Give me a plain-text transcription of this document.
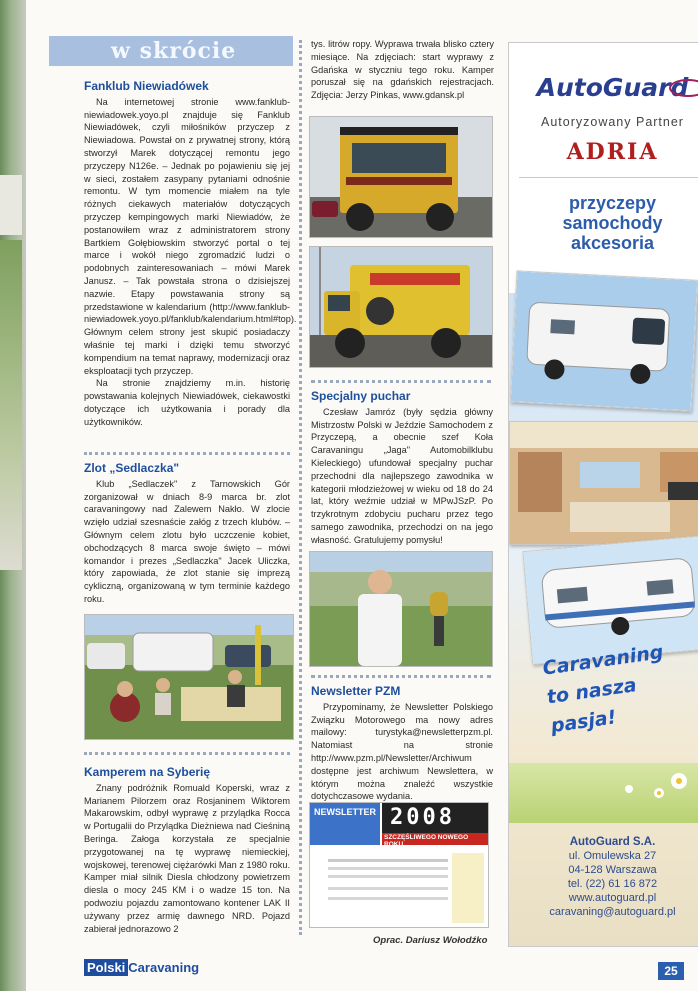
w skrócie
Fanklub Niewiadówek

Na internetowej stronie www.fanklub-niewiadowek.yoyo.pl znajduje się Fanklub Niewiadówek, czyli miłośników przyczep z Niewiadowa. Powstał on z prywatnej strony, którą stworzył Marek dotyczącej remontu jego przyczepy N126e. – Jednak po pojawieniu się jej w sieci, zostałem zasypany pytaniami odnośnie remontu. W tym momencie miałem na tyle różnych ciekawych materiałów dotyczących przyczep kempingowych marki Niewiadów, że postanowiłem wraz z administratorem strony Bartkiem Gołębiowskim stworzyć portal o tej marce i wokół niego zgromadzić ludzi o podobnych zainteresowaniach – mówi Marek Janusz. – Tak powstała strona o dzisiejszej nazwie. Etapy powstawania strony są przedstawione w kalendarium (http://www.fanklub-niewiadowek.yoyo.pl/fanklub/kalendarium.html#top). Głównym celem strony jest skupić posiadaczy właśnie tej marki i dzięki temu stworzyć kompendium na temat naprawy, modernizacji oraz eksploatacji tych przyczep.

Na stronie znajdziemy m.in. historię powstawania kolejnych Niewiadówek, ciekawostki dotyczące ich użytkowania i porady dla użytkowników.

Zlot „Sedlaczka"

Klub „Sedlaczek" z Tarnowskich Gór zorganizował w dniach 8-9 marca br. zlot caravaningowy nad Zalewem Nakło. W zlocie wzięło udział szesnaście załóg z trzech klubów. – Głównym celem zlotu było uczczenie kobiet, obchodzących 8 marca swoje święto – mówi komandor i prezes „Sedlaczka" Jacek Uliczka, który zapowiada, że zlot stanie się imprezą cykliczną, organizowaną w tym terminie każdego roku.

Kamperem na Syberię

Znany podróżnik Romuald Koperski, wraz z Marianem Pilorzem oraz Rosjaninem Wiktorem Makarowskim, odbył wyprawę z przylądka Rocca w Portugalii do Przylądka Dieżniewa nad Cieśniną Beringa. Załoga korzystała ze specjalnie przygotowanej na tę wyprawę niemieckiej, wojskowej, terenowej ciężarówki Man z 1980 roku. Kamper miał silnik Diesla chłodzony powietrzem diesla o mocy 245 KM i o wadze 15 ton. Na podwoziu pojazdu zamontowano kontener LAK II używany przez armię dawnego NRD. Pojazd zabierał jednorazowo 2

tys. litrów ropy. Wyprawa trwała blisko cztery miesiące. Na zdjęciach: start wyprawy z Gdańska w styczniu tego roku. Kamper poruszał się na gdańskich rejestracjach. Zdjęcia: Jerzy Pinkas, www.gdansk.pl

Specjalny puchar

Czesław Jamróz (były sędzia główny Mistrzostw Polski w Jeździe Samochodem z Przyczepą, a obecnie szef Koła Caravaningu „Jaga" Automobilklubu Kieleckiego) ufundował specjalny puchar przechodni dla najlepszego zawodnika w kategorii młodzieżowej w wieku od 18 do 24 lat, który weźmie udział w MPwJSzP. Po trzykrotnym zdobyciu pucharu przez tego samego zawodnika, przechodzi on na jego własność. Gratulujemy pomysłu!

Newsletter PZM

Przypominamy, że Newsletter Polskiego Związku Motorowego ma nowy adres mailowy: turystyka@newsletterpzm.pl. Natomiast na stronie http://www.pzm.pl/Newsletter/Archiwum dostępne jest archiwum Newslettera, w którym można znaleźć wszystkie dotychczasowe wydania.

NEWSLETTER 2008
SZCZĘŚLIWEGO NOWEGO ROKU
Oprac. Dariusz Wołodźko
AutoGuard
Autoryzowany Partner
ADRIA
przyczepy
samochody
akcesoria
Caravaning
to nasza
pasja!
AutoGuard S.A.
ul. Omulewska 27
04-128 Warszawa
tel. (22) 61 16 872
www.autoguard.pl
caravaning@autoguard.pl
Polski Caravaning	25
